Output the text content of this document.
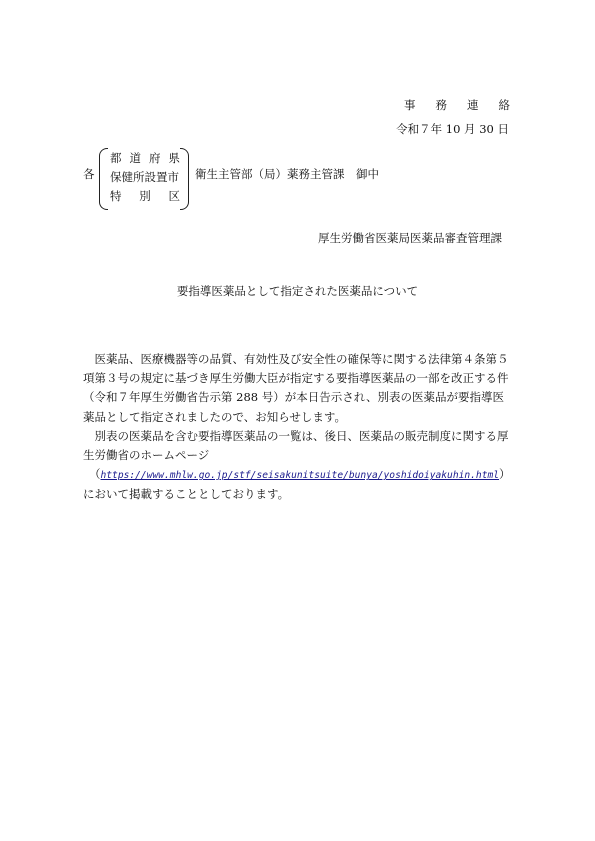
事 務 連 絡
令和７年 10 月 30 日
各
都 道 府 県
保健所設置市
特 別 区
衛生主管部（局）薬務主管課　御中
厚生労働省医薬局医薬品審査管理課
要指導医薬品として指定された医薬品について

医薬品、医療機器等の品質、有効性及び安全性の確保等に関する法律第４条第５項第３号の規定に基づき厚生労働大臣が指定する要指導医薬品の一部を改正する件（令和７年厚生労働省告示第 288 号）が本日告示され、別表の医薬品が要指導医薬品として指定されましたので、お知らせします。

別表の医薬品を含む要指導医薬品の一覧は、後日、医薬品の販売制度に関する厚生労働省のホームページ

（https://www.mhlw.go.jp/stf/seisakunitsuite/bunya/yoshidoiyakuhin.html）

において掲載することとしております。
